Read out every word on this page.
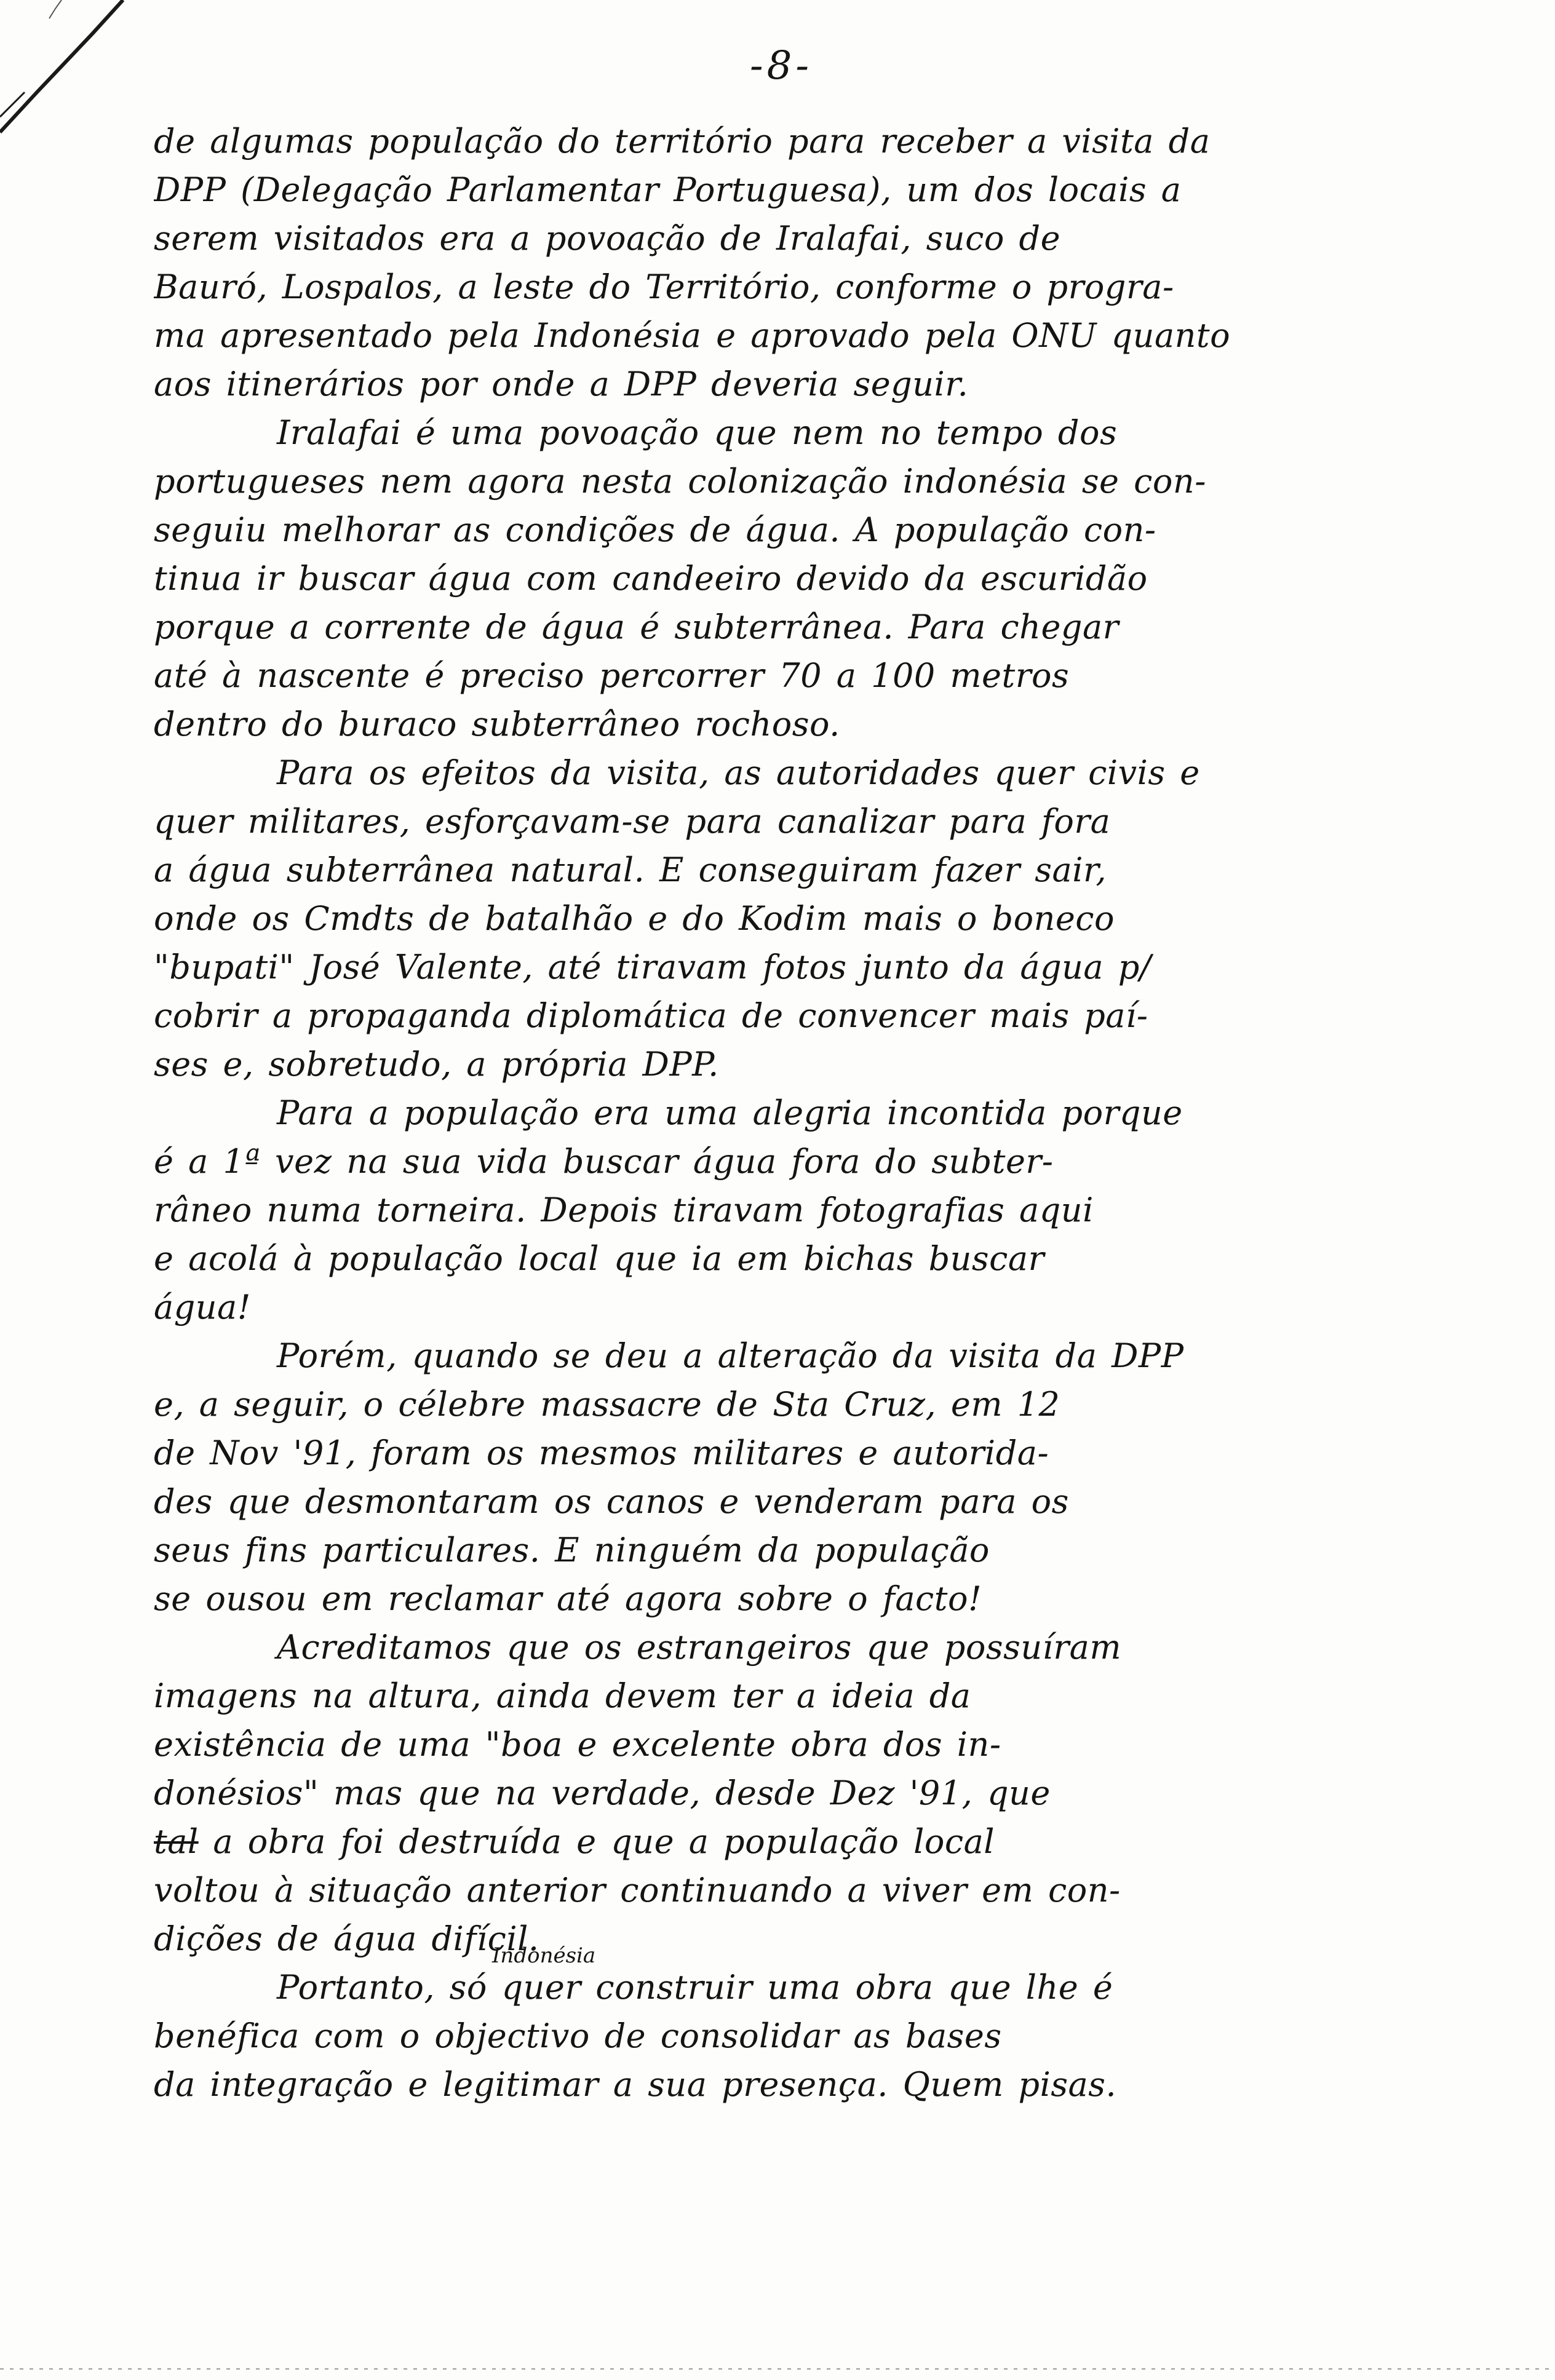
-8-
de algumas população do território para receber a visita da
DPP (Delegação Parlamentar Portuguesa), um dos locais a
serem visitados era a povoação de Iralafai, suco de
Bauró, Lospalos, a leste do Território, conforme o progra-
ma apresentado pela Indonésia e aprovado pela ONU quanto
aos itinerários por onde a DPP deveria seguir.
Iralafai é uma povoação que nem no tempo dos
portugueses nem agora nesta colonização indonésia se con-
seguiu melhorar as condições de água. A população con-
tinua ir buscar água com candeeiro devido da escuridão
porque a corrente de água é subterrânea. Para chegar
até à nascente é preciso percorrer 70 a 100 metros
dentro do buraco subterrâneo rochoso.
Para os efeitos da visita, as autoridades quer civis e
quer militares, esforçavam-se para canalizar para fora
a água subterrânea natural. E conseguiram fazer sair,
onde os Cmdts de batalhão e do Kodim mais o boneco
"bupati" José Valente, até tiravam fotos junto da água p/
cobrir a propaganda diplomática de convencer mais paí-
ses e, sobretudo, a própria DPP.
Para a população era uma alegria incontida porque
é a 1ª vez na sua vida buscar água fora do subter-
râneo numa torneira. Depois tiravam fotografias aqui
e acolá à população local que ia em bichas buscar
água!
Porém, quando se deu a alteração da visita da DPP
e, a seguir, o célebre massacre de Sta Cruz, em 12
de Nov '91, foram os mesmos militares e autorida-
des que desmontaram os canos e venderam para os
seus fins particulares. E ninguém da população
se ousou em reclamar até agora sobre o facto!
Acreditamos que os estrangeiros que possuíram
imagens na altura, ainda devem ter a ideia da
existência de uma "boa e excelente obra dos in-
donésios" mas que na verdade, desde Dez '91, que
tal a obra foi destruída e que a população local
voltou à situação anterior continuando a viver em con-
dições de água difícil.
Portanto, só quer construir uma obra que lhe é
benéfica com o objectivo de consolidar as bases
da integração e legitimar a sua presença. Quem pisas.
Indonésia
